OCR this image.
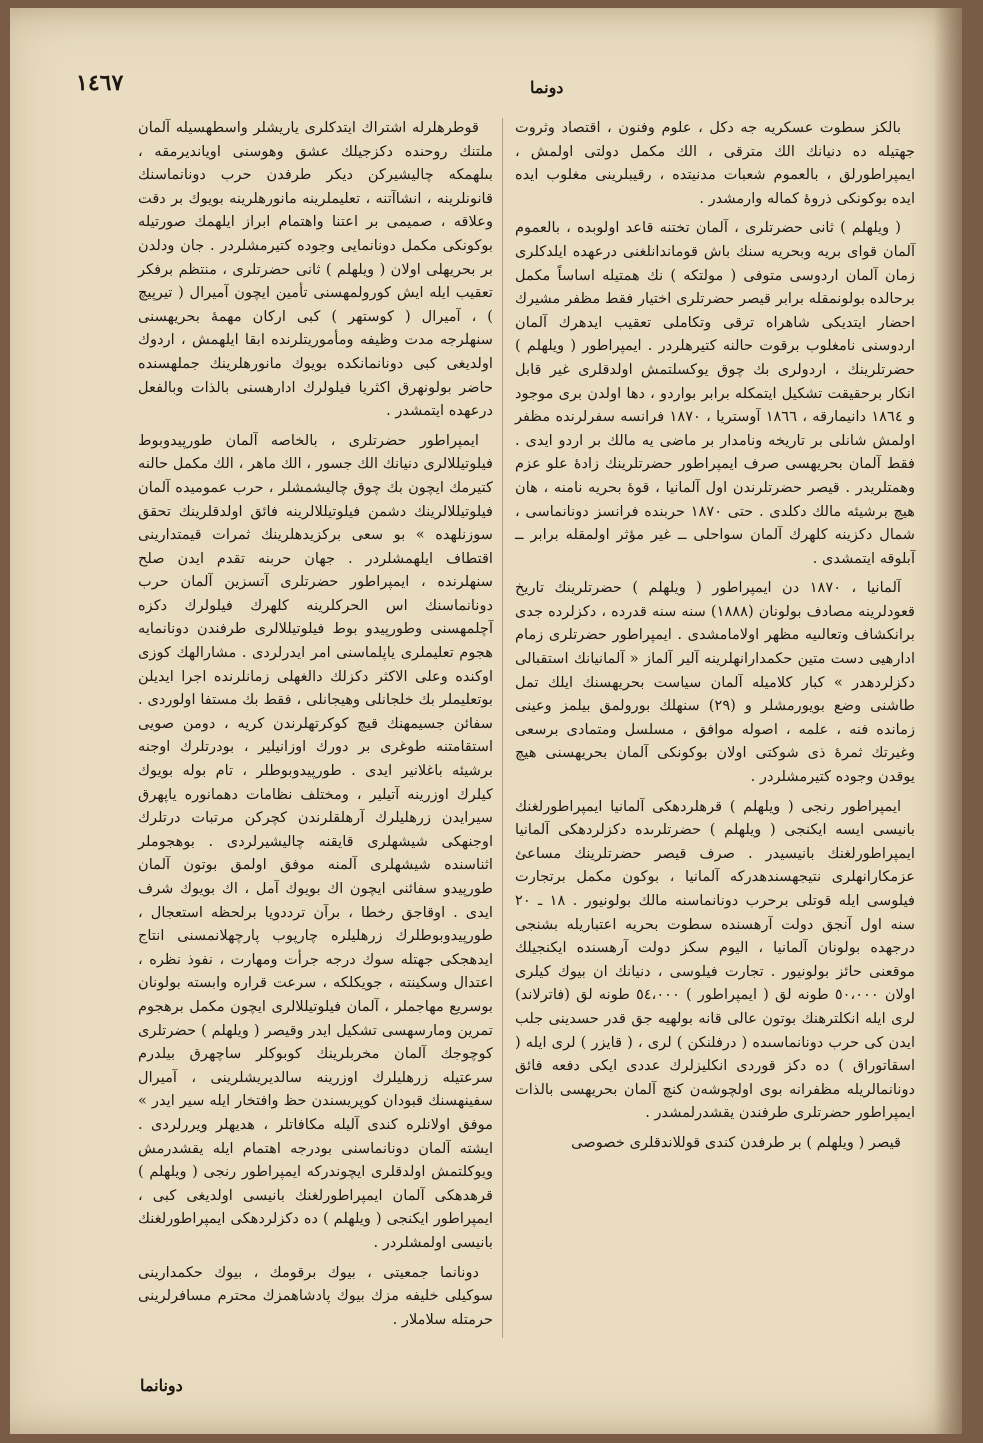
١٤٦٧	دونما

بالكز سطوت عسكريه جه دكل ، علوم وفنون ، اقتصاد وثروت جهتيله ده دنيانك الك مترقى ، الك مكمل دولتى اولمش ، ايمپراطورلق ، بالعموم شعبات مدنيتده ، رقيبلرينى مغلوب ايده ايده بوكونكى ذروهٔ كماله وارمشدر .

( ويلهلم ) ثانى حضرتلرى ، آلمان تختنه قاعد اولوبده ، بالعموم آلمان قواى بريه وبحريه سنك باش قوماندانلغنى درعهده ايلدكلرى زمان آلمان اردوسى متوفى ( مولتكه ) نك همتيله اساساً مكمل برحالده بولونمقله برابر قيصر حضرتلرى اختيار فقط مظفر مشيرك احضار ايتديكى شاهراه ترقى وتكاملى تعقيب ايدهرك آلمان اردوسنى نامغلوب برقوت حالنه كتيرهلردر . ايمپراطور ( ويلهلم ) حضرتلرينك ، اردولرى بك چوق يوكسلتمش اولدقلرى غير قابل انكار برحقيقت تشكيل ايتمكله برابر بواردو ، دها اولدن برى موجود و ١٨٦٤ دانيمارقه ، ١٨٦٦ آوستريا ، ١٨٧٠ فرانسه سفرلرنده مظفر اولمش شانلى بر تاريخه ونامدار بر ماضى يه مالك بر اردو ايدى . فقط آلمان بحريهسى صرف ايمپراطور حضرتلرينك زادهٔ علو عزم وهمتلريدر . قيصر حضرتلرندن اول آلمانيا ، قوهٔ بحريه نامنه ، هان هيچ برشيئه مالك دكلدى . حتى ١٨٧٠ حربنده فرانسز دونانماسى ، شمال دكزينه كلهرك آلمان سواحلى ــ غير مؤثر اولمقله برابر ــ آبلوقه ايتمشدى .

آلمانيا ، ١٨٧٠ دن ايمپراطور ( ويلهلم ) حضرتلرينك تاريخ قعودلرينه مصادف بولونان (١٨٨٨) سنه سنه قدرده ، دكزلرده جدى برانكشاف وتعالىيه مظهر اولامامشدى . ايمپراطور حضرتلرى زمام ادارهيى دست متين حكمدارانهلرينه آلير آلماز « آلمانيانك استقبالى دكزلردهدر » كبار كلاميله آلمان سياست بحريهسنك ايلك تمل طاشنى وضع بويورمشلر و (٢٩) سنهلك بورولمق بيلمز وعينى زمانده فنه ، علمه ، اصوله موافق ، مسلسل ومتمادى برسعى وغيرتك ثمرهٔ ذى شوكتى اولان بوكونكى آلمان بحريهسنى هيچ يوقدن وجوده كتيرمشلردر .

ايمپراطور رنجى ( ويلهلم ) قرهلردهكى آلمانيا ايمپراطورلغنك بانيسى ايسه ايكنجى ( ويلهلم ) حضرتلرىده دكزلردهكى آلمانيا ايمپراطورلغنك بانيسيدر . صرف قيصر حضرتلرينك مساعئ عزمكارانهلرى نتيجهسندهدركه آلمانيا ، بوكون مكمل برتجارت فيلوسى ايله قوتلى برحرب دونانماسنه مالك بولونيور . ١٨ ـ ٢٠ سنه اول آنجق دولت آرهسنده سطوت بحريه اعتباريله بشنجى درجهده بولونان آلمانيا ، اليوم سكز دولت آرهسنده ايكنجيلك موقعنى حائز بولونيور . تجارت فيلوسى ، دنيانك ان بيوك كيلرى اولان ٥٠،٠٠٠ طونه لق ( ايمپراطور ) ٥٤،٠٠٠ طونه لق (فاترلاند) لرى ايله انكلترهنك بوتون عالى قانه بولهيه جق قدر حسدينى جلب ايدن كى حرب دونانماسىده ( درفلنكن ) لرى ، ( قايزر ) لرى ايله ( اسقاتوراق ) ده دكز قوردى انكليزلرك عددى ايكى دفعه فائق دونانمالريله مظفرانه بوى اولچوشەن كنچ آلمان بحريهسى بالذات ايمپراطور حضرتلرى طرفندن يقشدرلمشدر .

قيصر ( ويلهلم ) بر طرفدن كندى قوللاندقلرى خصوصى

قوطرهلرله اشتراك ايتدكلرى ياريشلر واسطهسيله آلمان ملتنك روحنده دكزجيلك عشق وهوسنى اويانديرمقه ، بىلهمكه چاليشيركن ديكر طرفدن حرب دونانماسنك قانونلرينه ، انشاآتنه ، تعليملرينه مانورهلرينه بويوك بر دقت وعلاقه ، صميمى بر اعتنا واهتمام ابراز ايلهمك صورتيله بوكونكى مكمل دونانمايى وجوده كتيرمشلردر . جان ودلدن بر بحريهلى اولان ( ويلهلم ) ثانى حضرتلرى ، منتظم برفكر تعقيب ايله ايش كورولمهسنى تأمين ايچون آميرال ( تيرپيچ ) ، آميرال ( كوستهر ) كبى اركان مهمهٔ بحريهسنى سنهلرجه مدت وظيفه ومأموريتلرنده ابقا ايلهمش ، اردوك اولديغى كبى دونانمانكده بويوك مانورهلرينك جملهسنده حاضر بولونهرق اكثريا فيلولرك ادارهسنى بالذات وبالفعل درعهده ايتمشدر .

ايمپراطور حضرتلرى ، بالخاصه آلمان طورپيدوبوط فيلوتيللالرى دنيانك الك جسور ، الك ماهر ، الك مكمل حالنه كتيرمك ايچون بك چوق چاليشمشلر ، حرب عموميده آلمان فيلوتيللالرينك دشمن فيلوتيللالرينه فائق اولدقلرينك تحقق سوزنلهده » بو سعى بركزيدهلرينك ثمرات قيمتدارينى اقتطاف ايلهمشلردر . جهان حربنه تقدم ايدن صلح سنهلرنده ، ايمپراطور حضرتلرى آتسزين آلمان حرب دونانماسنك اس الحركلرينه كلهرك فيلولرك دكزه آچلمهسنى وطورپيدو بوط فيلوتيللالرى طرفندن دونانمايه هجوم تعليملرى ياپلماسنى امر ايدرلردى . مشارالهك كوزى اوكنده وعلى الاكثر دكزلك دالغهلى زمانلرنده اجرا ايديلن بوتعليملر بك خلجانلى وهيجانلى ، فقط بك مستفا اولوردى . سفائن جسيمهنك قيچ كوكرتهلرندن كريه ، دومن صويى استقامتنه طوغرى بر دورك اوزانيلير ، بودرتلرك اوجنه برشيئه باغلانير ايدى . طورپيدوبوطلر ، تام بوله بويوك كيلرك اوزرينه آتيلير ، ومختلف نظامات دهمانوره ياپهرق سيرايدن زرهليلرك آرهلقلرندن كچركن مرتبات درتلرك اوجنهكى شيشهلرى قايقنه چاليشيرلردى . بوهجوملر اثناسنده شيشهلرى آلمنه موفق اولمق بوتون آلمان طورپيدو سفائنى ايچون اك بويوك آمل ، اك بويوك شرف ايدى . اوقاجق رخطا ، برآن ترددويا برلحظه استعجال ، طورپيدوبوطلرك زرهليلره چارپوب پارچهلانمسنى انتاج ايدهجكى جهتله سوك درجه جرأت ومهارت ، نفوذ نظره ، اعتدال وسكينته ، جويكلكه ، سرعت قراره وابسته بولونان بوسريع مهاجملر ، آلمان فيلوتيللالرى ايچون مكمل برهجوم تمرين ومارسهسى تشكيل ايدر وقيصر ( ويلهلم ) حضرتلرى كوچوجك آلمان مخربلرينك كوبوكلر ساچهرق بيلدرم سرعتيله زرهليلرك اوزرينه سالديريشلرينى ، آميرال سفينهسنك قبودان كوپريسندن حظ وافتخار ايله سير ايدر » موفق اولانلره كندى آليله مكافاتلر ، هديهلر ويررلردى . ايشته آلمان دونانماسنى بودرجه اهتمام ايله يقشدرمش ويوكلتمش اولدقلرى ايچوندركه ايمپراطور رنجى ( ويلهلم ) قرهدهكى آلمان ايمپراطورلغنك بانيسى اولديغى كبى ، ايمپراطور ايكنجى ( ويلهلم ) ده دكزلردهكى ايمپراطورلغنك بانيسى اولمشلردر .

دونانما جمعيتى ، بيوك برقومك ، بيوك حكمدارينى سوكيلى خليفه مزك بيوك پادشاهمزك محترم مسافرلرينى حرمتله سلاملار .

دونانما
